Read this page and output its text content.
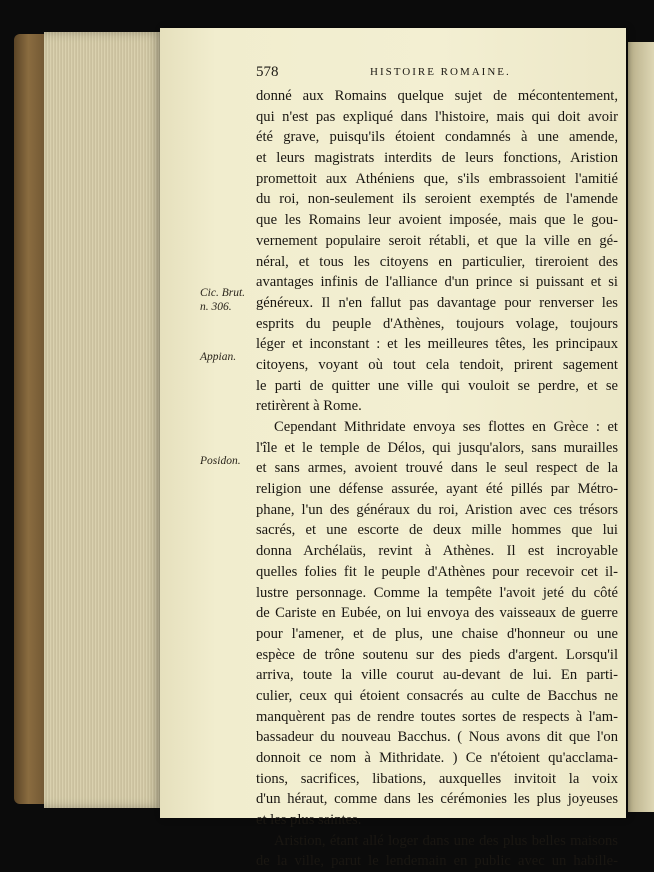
578	HISTOIRE ROMAINE.
donné aux Romains quelque sujet de mécontentement,
qui n'est pas expliqué dans l'histoire, mais qui doit avoir
été grave, puisqu'ils étoient condamnés à une amende,
et leurs magistrats interdits de leurs fonctions, Aristion
promettoit aux Athéniens que, s'ils embrassoient l'amitié
du roi, non-seulement ils seroient exemptés de l'amende
que les Romains leur avoient imposée, mais que le gou-
vernement populaire seroit rétabli, et que la ville en gé-
néral, et tous les citoyens en particulier, tireroient des
avantages infinis de l'alliance d'un prince si puissant et si
généreux. Il n'en fallut pas davantage pour renverser les
esprits du peuple d'Athènes, toujours volage, toujours
léger et inconstant : et les meilleures têtes, les principaux
citoyens, voyant où tout cela tendoit, prirent sagement
le parti de quitter une ville qui vouloit se perdre, et se
retirèrent à Rome.
Cependant Mithridate envoya ses flottes en Grèce : et
l'île et le temple de Délos, qui jusqu'alors, sans murailles
et sans armes, avoient trouvé dans le seul respect de la
religion une défense assurée, ayant été pillés par Métro-
phane, l'un des généraux du roi, Aristion avec ces trésors
sacrés, et une escorte de deux mille hommes que lui
donna Archélaüs, revint à Athènes. Il est incroyable
quelles folies fit le peuple d'Athènes pour recevoir cet il-
lustre personnage. Comme la tempête l'avoit jeté du côté
de Cariste en Eubée, on lui envoya des vaisseaux de guerre
pour l'amener, et de plus, une chaise d'honneur ou une
espèce de trône soutenu sur des pieds d'argent. Lorsqu'il
arriva, toute la ville courut au-devant de lui. En parti-
culier, ceux qui étoient consacrés au culte de Bacchus ne
manquèrent pas de rendre toutes sortes de respects à l'am-
bassadeur du nouveau Bacchus. ( Nous avons dit que l'on
donnoit ce nom à Mithridate. ) Ce n'étoient qu'acclama-
tions, sacrifices, libations, auxquelles invitoit la voix
d'un héraut, comme dans les cérémonies les plus joyeuses
et les plus saintes.
Aristion, étant allé loger dans une des plus belles maisons
de la ville, parut le lendemain en public avec un habille-
Cic. Brut.
n. 306.
Appian.
Posidon.
